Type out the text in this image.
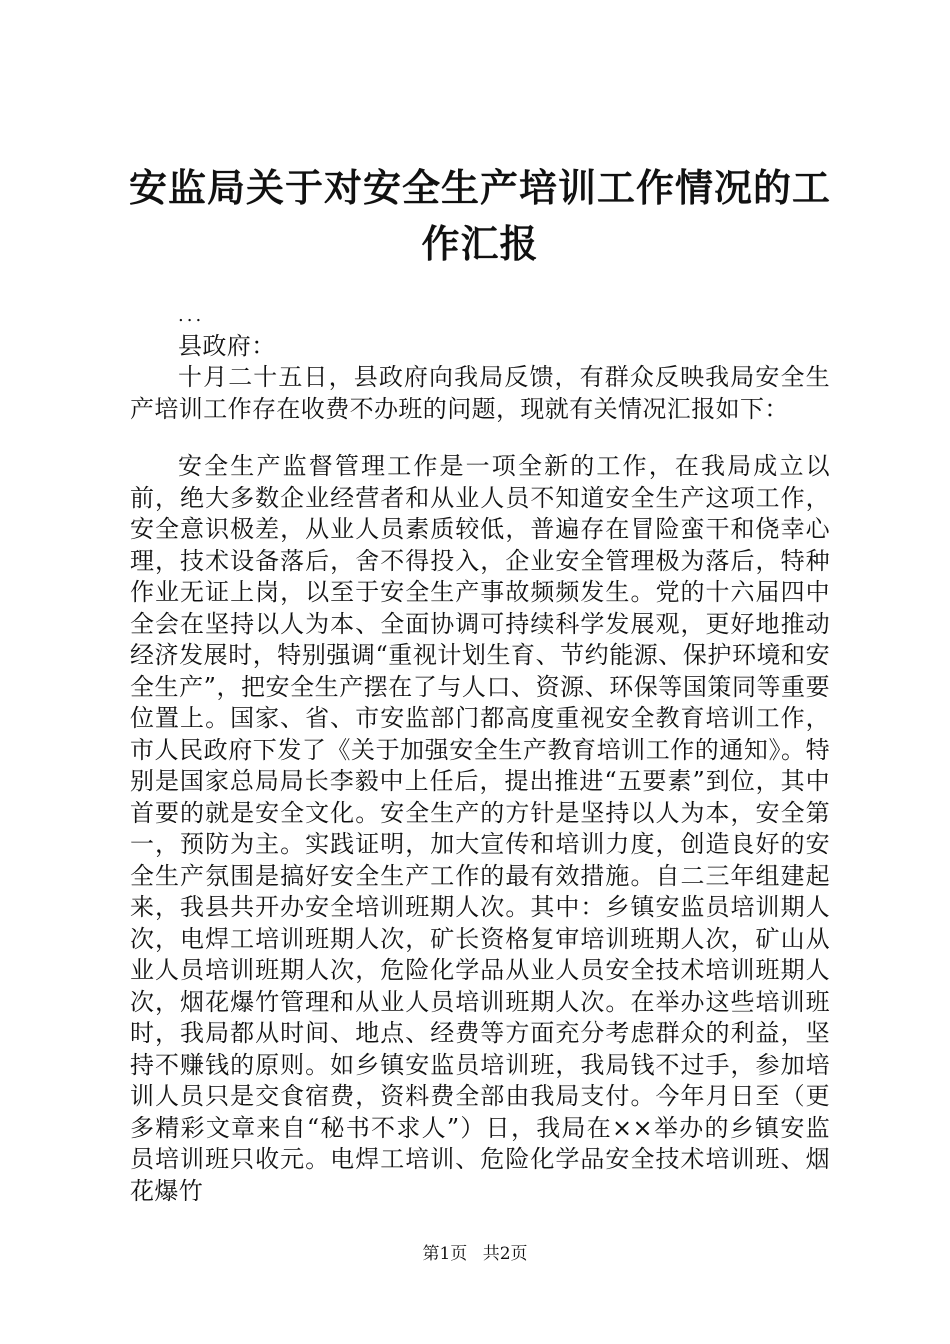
安监局关于对安全生产培训工作情况的工作汇报
...

县政府：

十月二十五日，县政府向我局反馈，有群众反映我局安全生产培训工作存在收费不办班的问题，现就有关情况汇报如下：

安全生产监督管理工作是一项全新的工作，在我局成立以前，绝大多数企业经营者和从业人员不知道安全生产这项工作，安全意识极差，从业人员素质较低，普遍存在冒险蛮干和侥幸心理，技术设备落后，舍不得投入，企业安全管理极为落后，特种作业无证上岗，以至于安全生产事故频频发生。党的十六届四中全会在坚持以人为本、全面协调可持续科学发展观，更好地推动经济发展时，特别强调“重视计划生育、节约能源、保护环境和安全生产”，把安全生产摆在了与人口、资源、环保等国策同等重要位置上。国家、省、市安监部门都高度重视安全教育培训工作，市人民政府下发了《关于加强安全生产教育培训工作的通知》。特别是国家总局局长李毅中上任后，提出推进“五要素”到位，其中首要的就是安全文化。安全生产的方针是坚持以人为本，安全第一，预防为主。实践证明，加大宣传和培训力度，创造良好的安全生产氛围是搞好安全生产工作的最有效措施。自二三年组建起来，我县共开办安全培训班期人次。其中：乡镇安监员培训期人次，电焊工培训班期人次，矿长资格复审培训班期人次，矿山从业人员培训班期人次，危险化学品从业人员安全技术培训班期人次，烟花爆竹管理和从业人员培训班期人次。在举办这些培训班时，我局都从时间、地点、经费等方面充分考虑群众的利益，坚持不赚钱的原则。如乡镇安监员培训班，我局钱不过手，参加培训人员只是交食宿费，资料费全部由我局支付。今年月日至（更多精彩文章来自“秘书不求人”）日，我局在××举办的乡镇安监员培训班只收元。电焊工培训、危险化学品安全技术培训班、烟花爆竹

第1页 共2页
